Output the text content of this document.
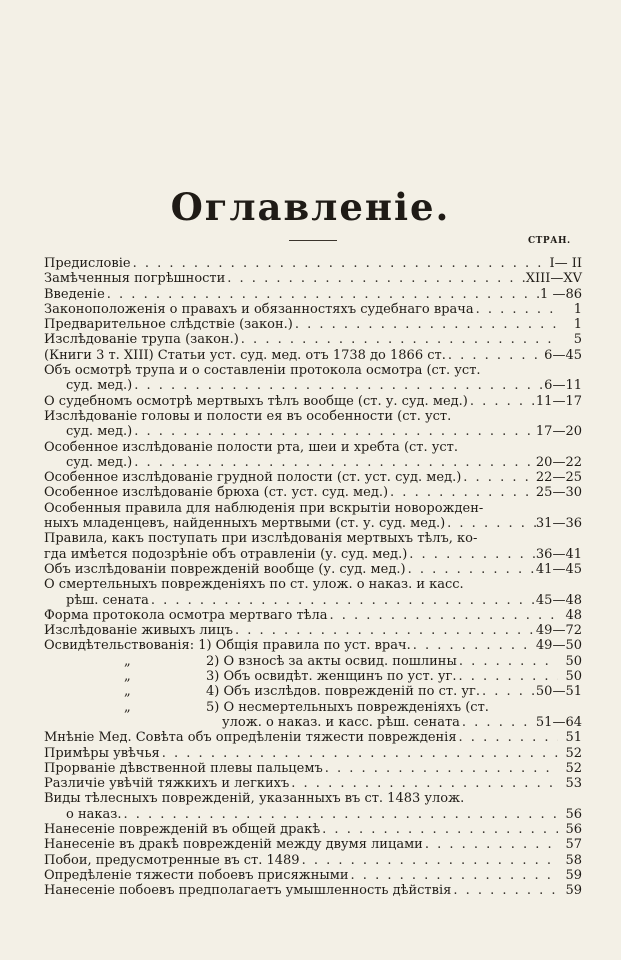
Оглавленіе.
СТРАН.
Предисловіе . . .	I— II
Замѣченныя погрѣшности . . .	XIII—XV
Введеніе . . .	1 —86
Законоположенія о правахъ и обязанностяхъ судебнаго врача . . .	1
Предварительное слѣдствіе (закон.) . . .	1
Изслѣдованіе трупа (закон.) . . .	5
(Книги 3 т. XIII) Статьи уст. суд. мед. отъ 1738 до 1866 ст. . . .	6—45
Объ осмотрѣ трупа и о составленіи протокола осмотра (ст. уст.
суд. мед.) . . .	6—11
О судебномъ осмотрѣ мертвыхъ тѣлъ вообще (ст. у. суд. мед.) . . .	11—17
Изслѣдованіе головы и полости ея въ особенности (ст. уст.
суд. мед.) . . .	17—20
Особенное изслѣдованіе полости рта, шеи и хребта (ст. уст.
суд. мед.) . . .	20—22
Особенное изслѣдованіе грудной полости (ст. уст. суд. мед.) . . .	22—25
Особенное изслѣдованіе брюха (ст. уст. суд. мед.) . . .	25—30
Особенныя правила для наблюденія при вскрытіи новорожден-
ныхъ младенцевъ, найденныхъ мертвыми (ст. у. суд. мед.) . . .	31—36
Правила, какъ поступать при изслѣдованія мертвыхъ тѣлъ, ко-
гда имѣется подозрѣніе объ отравленіи (у. суд. мед.) . . .	36—41
Объ изслѣдованіи поврежденій вообще (у. суд. мед.) . . .	41—45
О смертельныхъ поврежденіяхъ по ст. улож. о наказ. и касс.
рѣш. сената . . .	45—48
Форма протокола осмотра мертваго тѣла . . .	48
Изслѣдованіе живыхъ лицъ . . .	49—72
Освидѣтельствованія: 1) Общія правила по уст. врач. . . .	49—50
„	2) О взносѣ за акты освид. пошлины . . .	50
„	3) Объ освидѣт. женщинъ по уст. уг. . . .	50
„	4) Объ изслѣдов. поврежденій по ст. уг. . . .	50—51
„	5) О несмертельныхъ поврежденіяхъ (ст.
улож. о наказ. и касс. рѣш. сената . . .	51—64
Мнѣніе Мед. Совѣта объ опредѣленіи тяжести поврежденія . . .	51
Примѣры увѣчья . . .	52
Прорваніе дѣвственной плевы пальцемъ . . .	52
Различіе увѣчій тяжкихъ и легкихъ . . .	53
Виды тѣлесныхъ поврежденій, указанныхъ въ ст. 1483 улож.
о наказ. . . .	56
Нанесеніе поврежденій въ общей дракѣ . . .	56
Нанесеніе въ дракѣ поврежденій между двумя лицами . . .	57
Побои, предусмотренные въ ст. 1489 . . .	58
Опредѣленіе тяжести побоевъ присяжными . . .	59
Нанесеніе побоевъ предполагаетъ умышленность дѣйствія . . .	59
